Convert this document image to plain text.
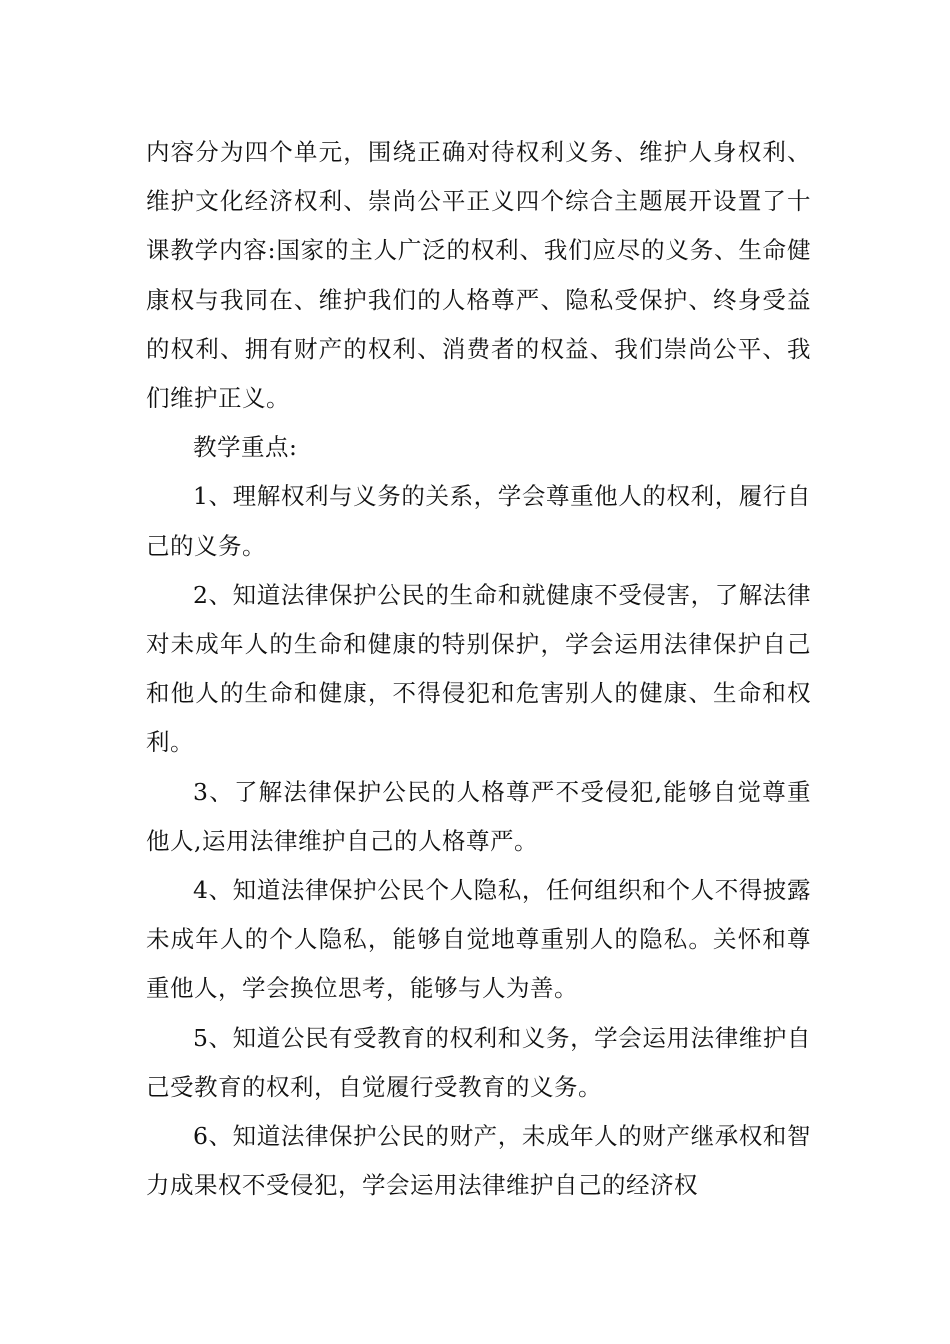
内容分为四个单元，围绕正确对待权利义务、维护人身权利、维护文化经济权利、崇尚公平正义四个综合主题展开设置了十课教学内容:国家的主人广泛的权利、我们应尽的义务、生命健康权与我同在、维护我们的人格尊严、隐私受保护、终身受益的权利、拥有财产的权利、消费者的权益、我们崇尚公平、我们维护正义。

教学重点:

1、理解权利与义务的关系，学会尊重他人的权利，履行自己的义务。

2、知道法律保护公民的生命和就健康不受侵害，了解法律对未成年人的生命和健康的特别保护，学会运用法律保护自己和他人的生命和健康，不得侵犯和危害别人的健康、生命和权利。

3、了解法律保护公民的人格尊严不受侵犯,能够自觉尊重他人,运用法律维护自己的人格尊严。

4、知道法律保护公民个人隐私，任何组织和个人不得披露未成年人的个人隐私，能够自觉地尊重别人的隐私。关怀和尊重他人，学会换位思考，能够与人为善。

5、知道公民有受教育的权利和义务，学会运用法律维护自己受教育的权利，自觉履行受教育的义务。

6、知道法律保护公民的财产，未成年人的财产继承权和智力成果权不受侵犯，学会运用法律维护自己的经济权
